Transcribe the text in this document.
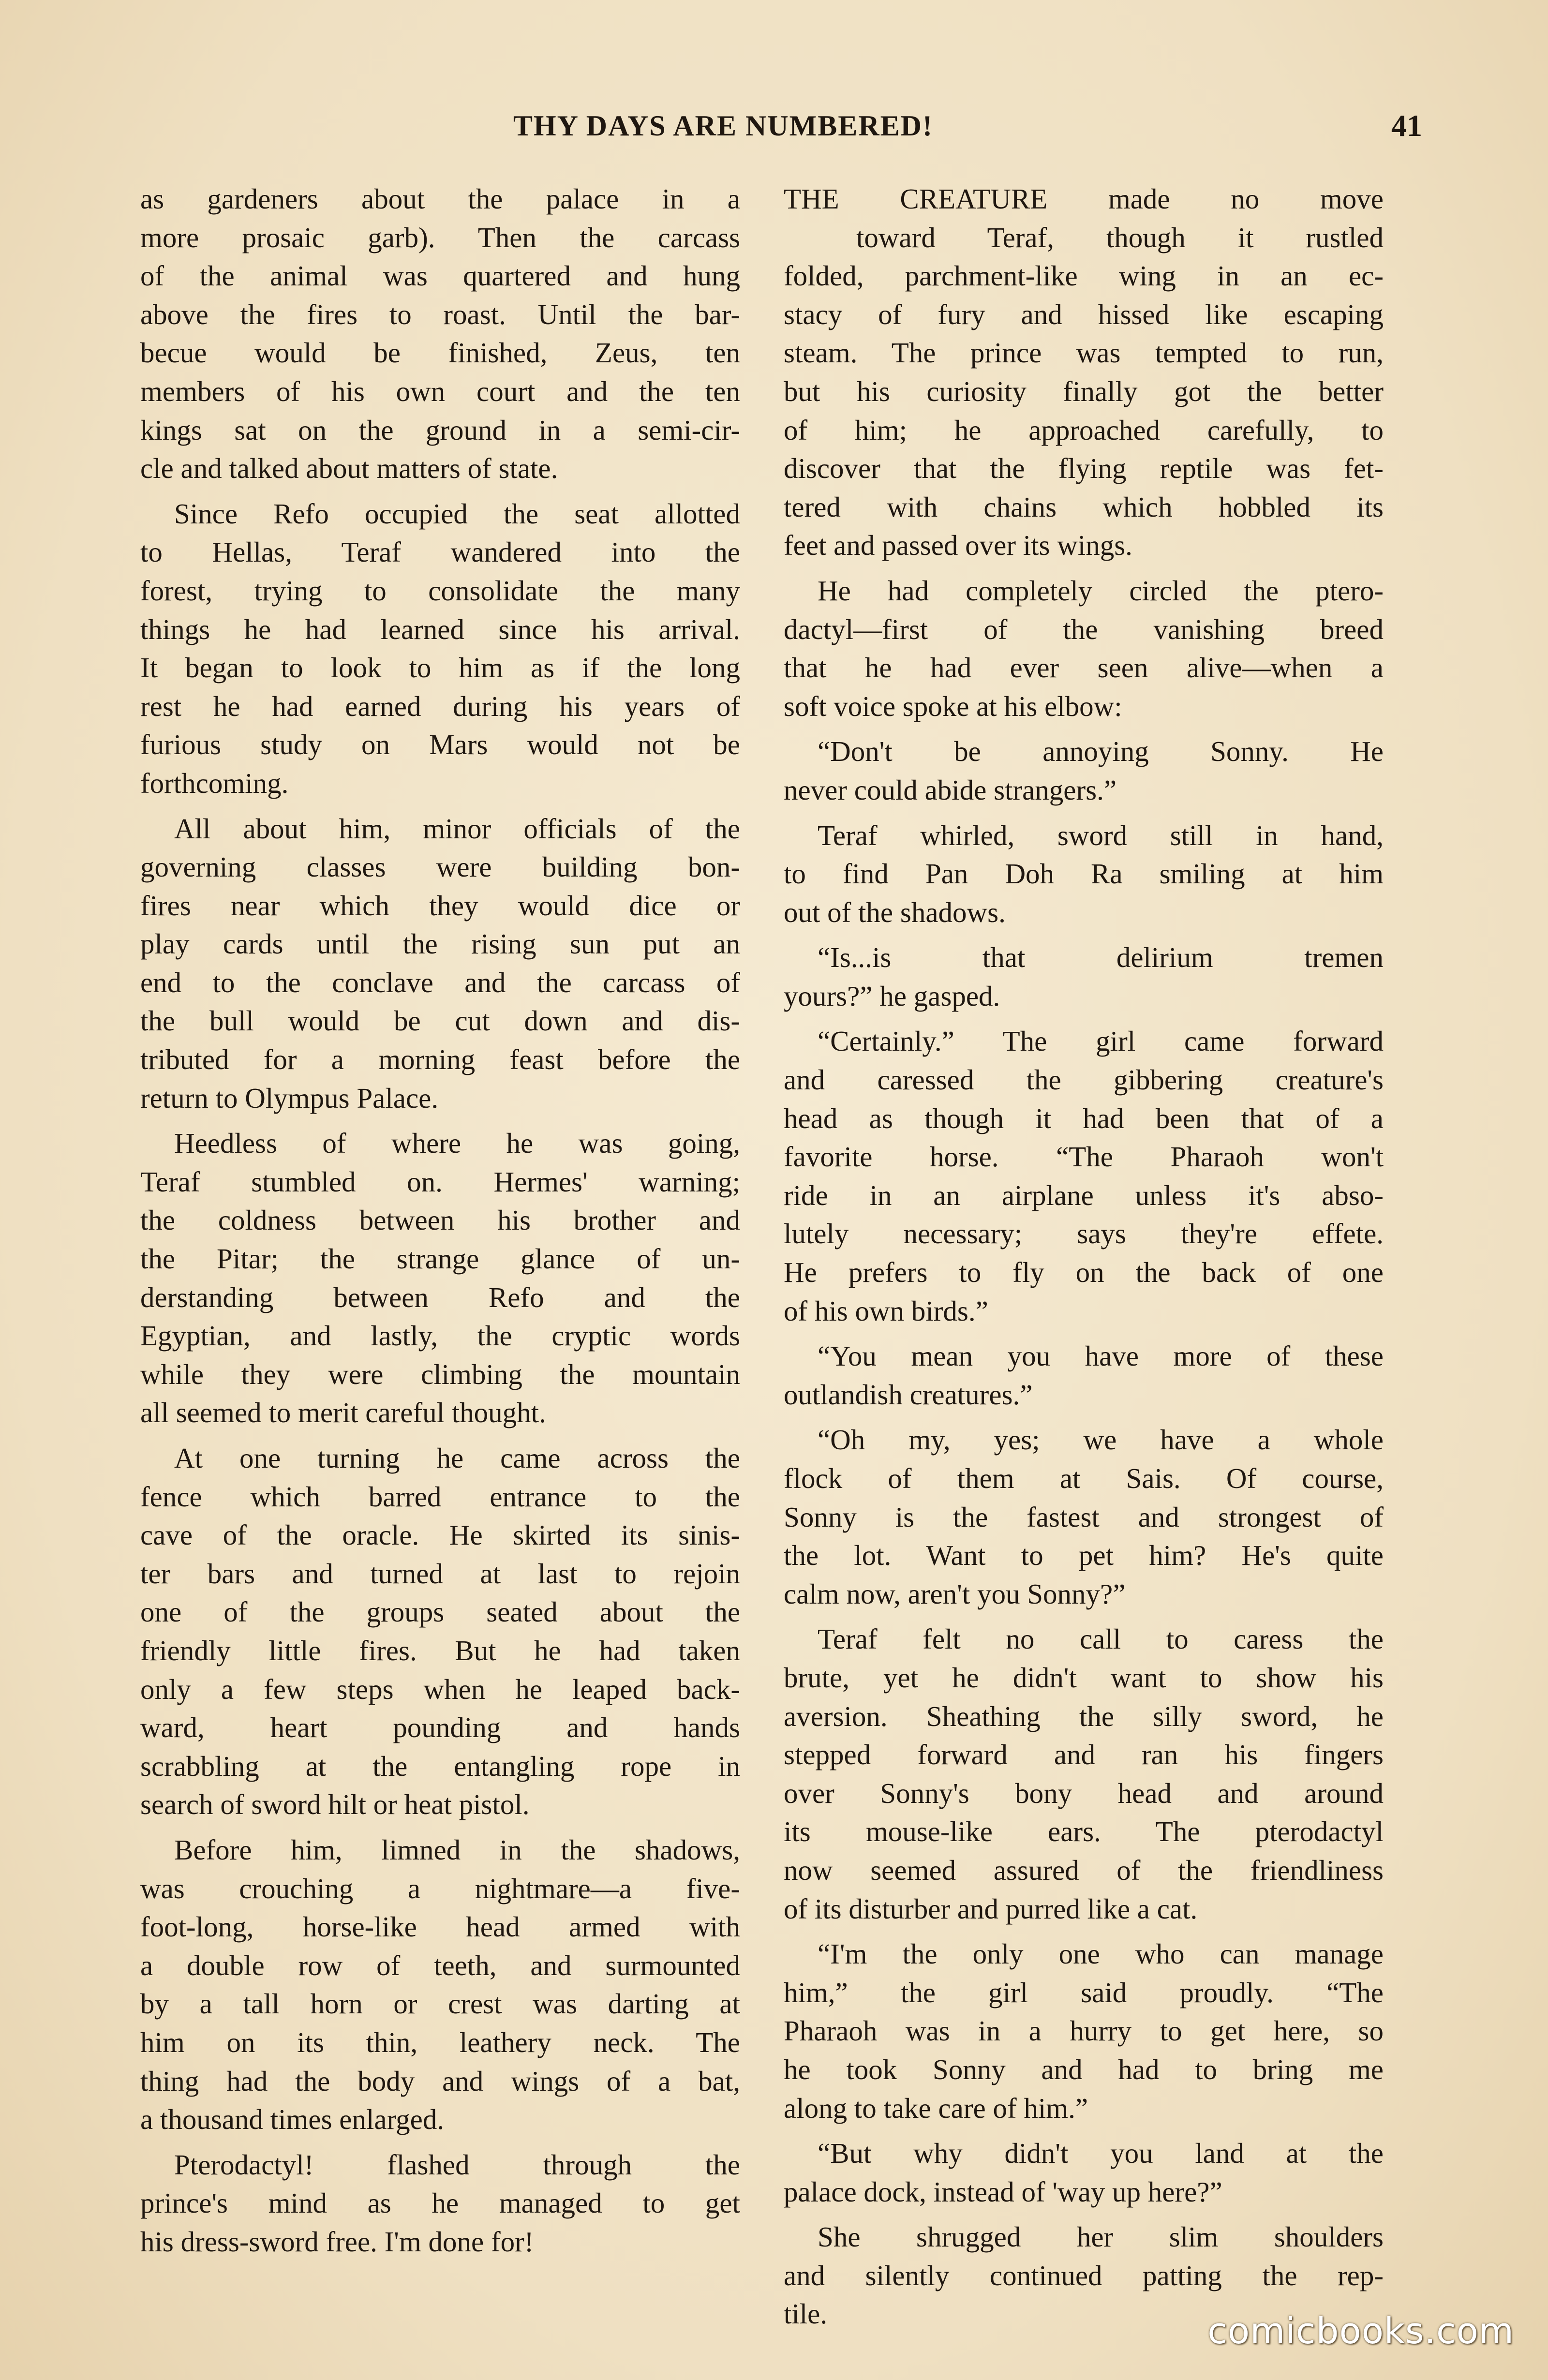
THY DAYS ARE NUMBERED!	41

as gardeners about the palace in a
more prosaic garb). Then the carcass
of the animal was quartered and hung
above the fires to roast. Until the bar-
becue would be finished, Zeus, ten
members of his own court and the ten
kings sat on the ground in a semi-cir-
cle and talked about matters of state.

Since Refo occupied the seat allotted
to Hellas, Teraf wandered into the
forest, trying to consolidate the many
things he had learned since his arrival.
It began to look to him as if the long
rest he had earned during his years of
furious study on Mars would not be
forthcoming.

All about him, minor officials of the
governing classes were building bon-
fires near which they would dice or
play cards until the rising sun put an
end to the conclave and the carcass of
the bull would be cut down and dis-
tributed for a morning feast before the
return to Olympus Palace.

Heedless of where he was going,
Teraf stumbled on. Hermes' warning;
the coldness between his brother and
the Pitar; the strange glance of un-
derstanding between Refo and the
Egyptian, and lastly, the cryptic words
while they were climbing the mountain
all seemed to merit careful thought.

At one turning he came across the
fence which barred entrance to the
cave of the oracle. He skirted its sinis-
ter bars and turned at last to rejoin
one of the groups seated about the
friendly little fires. But he had taken
only a few steps when he leaped back-
ward, heart pounding and hands
scrabbling at the entangling rope in
search of sword hilt or heat pistol.

Before him, limned in the shadows,
was crouching a nightmare—a five-
foot-long, horse-like head armed with
a double row of teeth, and surmounted
by a tall horn or crest was darting at
him on its thin, leathery neck. The
thing had the body and wings of a bat,
a thousand times enlarged.

Pterodactyl! flashed through the
prince's mind as he managed to get
his dress-sword free. I'm done for!

THE CREATURE made no move
toward Teraf, though it rustled
folded, parchment-like wing in an ec-
stacy of fury and hissed like escaping
steam. The prince was tempted to run,
but his curiosity finally got the better
of him; he approached carefully, to
discover that the flying reptile was fet-
tered with chains which hobbled its
feet and passed over its wings.

He had completely circled the ptero-
dactyl—first of the vanishing breed
that he had ever seen alive—when a
soft voice spoke at his elbow:

“Don't be annoying Sonny. He
never could abide strangers.”

Teraf whirled, sword still in hand,
to find Pan Doh Ra smiling at him
out of the shadows.

“Is...is that delirium tremen
yours?” he gasped.

“Certainly.” The girl came forward
and caressed the gibbering creature's
head as though it had been that of a
favorite horse. “The Pharaoh won't
ride in an airplane unless it's abso-
lutely necessary; says they're effete.
He prefers to fly on the back of one
of his own birds.”

“You mean you have more of these
outlandish creatures.”

“Oh my, yes; we have a whole
flock of them at Sais. Of course,
Sonny is the fastest and strongest of
the lot. Want to pet him? He's quite
calm now, aren't you Sonny?”

Teraf felt no call to caress the
brute, yet he didn't want to show his
aversion. Sheathing the silly sword, he
stepped forward and ran his fingers
over Sonny's bony head and around
its mouse-like ears. The pterodactyl
now seemed assured of the friendliness
of its disturber and purred like a cat.

“I'm the only one who can manage
him,” the girl said proudly. “The
Pharaoh was in a hurry to get here, so
he took Sonny and had to bring me
along to take care of him.”

“But why didn't you land at the
palace dock, instead of 'way up here?”

She shrugged her slim shoulders
and silently continued patting the rep-
tile.	comicbooks.com
